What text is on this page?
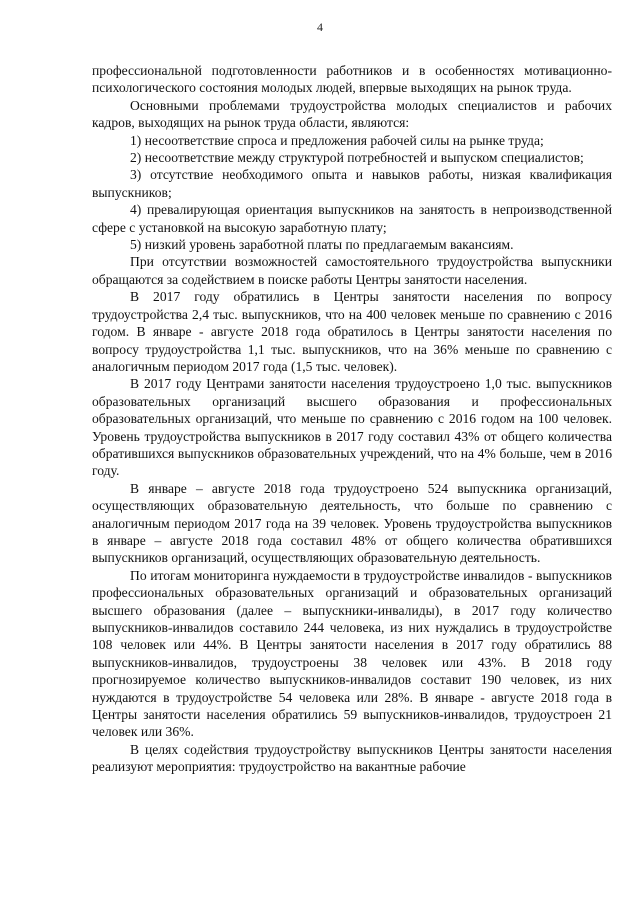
4

профессиональной подготовленности работников и в особенностях мотивационно-психологического состояния молодых людей, впервые выходящих на рынок труда.

Основными проблемами трудоустройства молодых специалистов и рабочих кадров, выходящих на рынок труда области, являются:

1) несоответствие спроса и предложения рабочей силы на рынке труда;

2) несоответствие между структурой потребностей и выпуском специалистов;

3) отсутствие необходимого опыта и навыков работы, низкая квалификация выпускников;

4) превалирующая ориентация выпускников на занятость в непроизводственной сфере с установкой на высокую заработную плату;

5) низкий уровень заработной платы по предлагаемым вакансиям.

При отсутствии возможностей самостоятельного трудоустройства выпускники обращаются за содействием в поиске работы Центры занятости населения.

В 2017 году обратились в Центры занятости населения по вопросу трудоустройства 2,4 тыс. выпускников, что на 400 человек меньше по сравнению с 2016 годом. В январе - августе 2018 года обратилось в Центры занятости населения по вопросу трудоустройства 1,1 тыс. выпускников, что на 36% меньше по сравнению с аналогичным периодом 2017 года (1,5 тыс. человек).

В 2017 году Центрами занятости населения трудоустроено 1,0 тыс. выпускников образовательных организаций высшего образования и профессиональных образовательных организаций, что меньше по сравнению с 2016 годом на 100 человек. Уровень трудоустройства выпускников в 2017 году составил 43% от общего количества обратившихся выпускников образовательных учреждений, что на 4% больше, чем в 2016 году.

В январе – августе 2018 года трудоустроено 524 выпускника организаций, осуществляющих образовательную деятельность, что больше по сравнению с аналогичным периодом 2017 года на 39 человек. Уровень трудоустройства выпускников в январе – августе 2018 года составил 48% от общего количества обратившихся выпускников организаций, осуществляющих образовательную деятельность.

По итогам мониторинга нуждаемости в трудоустройстве инвалидов - выпускников профессиональных образовательных организаций и образовательных организаций высшего образования (далее – выпускники-инвалиды), в 2017 году количество выпускников-инвалидов составило 244 человека, из них нуждались в трудоустройстве 108 человек или 44%. В Центры занятости населения в 2017 году обратились 88 выпускников-инвалидов, трудоустроены 38 человек или 43%. В 2018 году прогнозируемое количество выпускников-инвалидов составит 190 человек, из них нуждаются в трудоустройстве 54 человека или 28%. В январе - августе 2018 года в Центры занятости населения обратились 59 выпускников-инвалидов, трудоустроен 21 человек или 36%.

В целях содействия трудоустройству выпускников Центры занятости населения реализуют мероприятия: трудоустройство на вакантные рабочие
